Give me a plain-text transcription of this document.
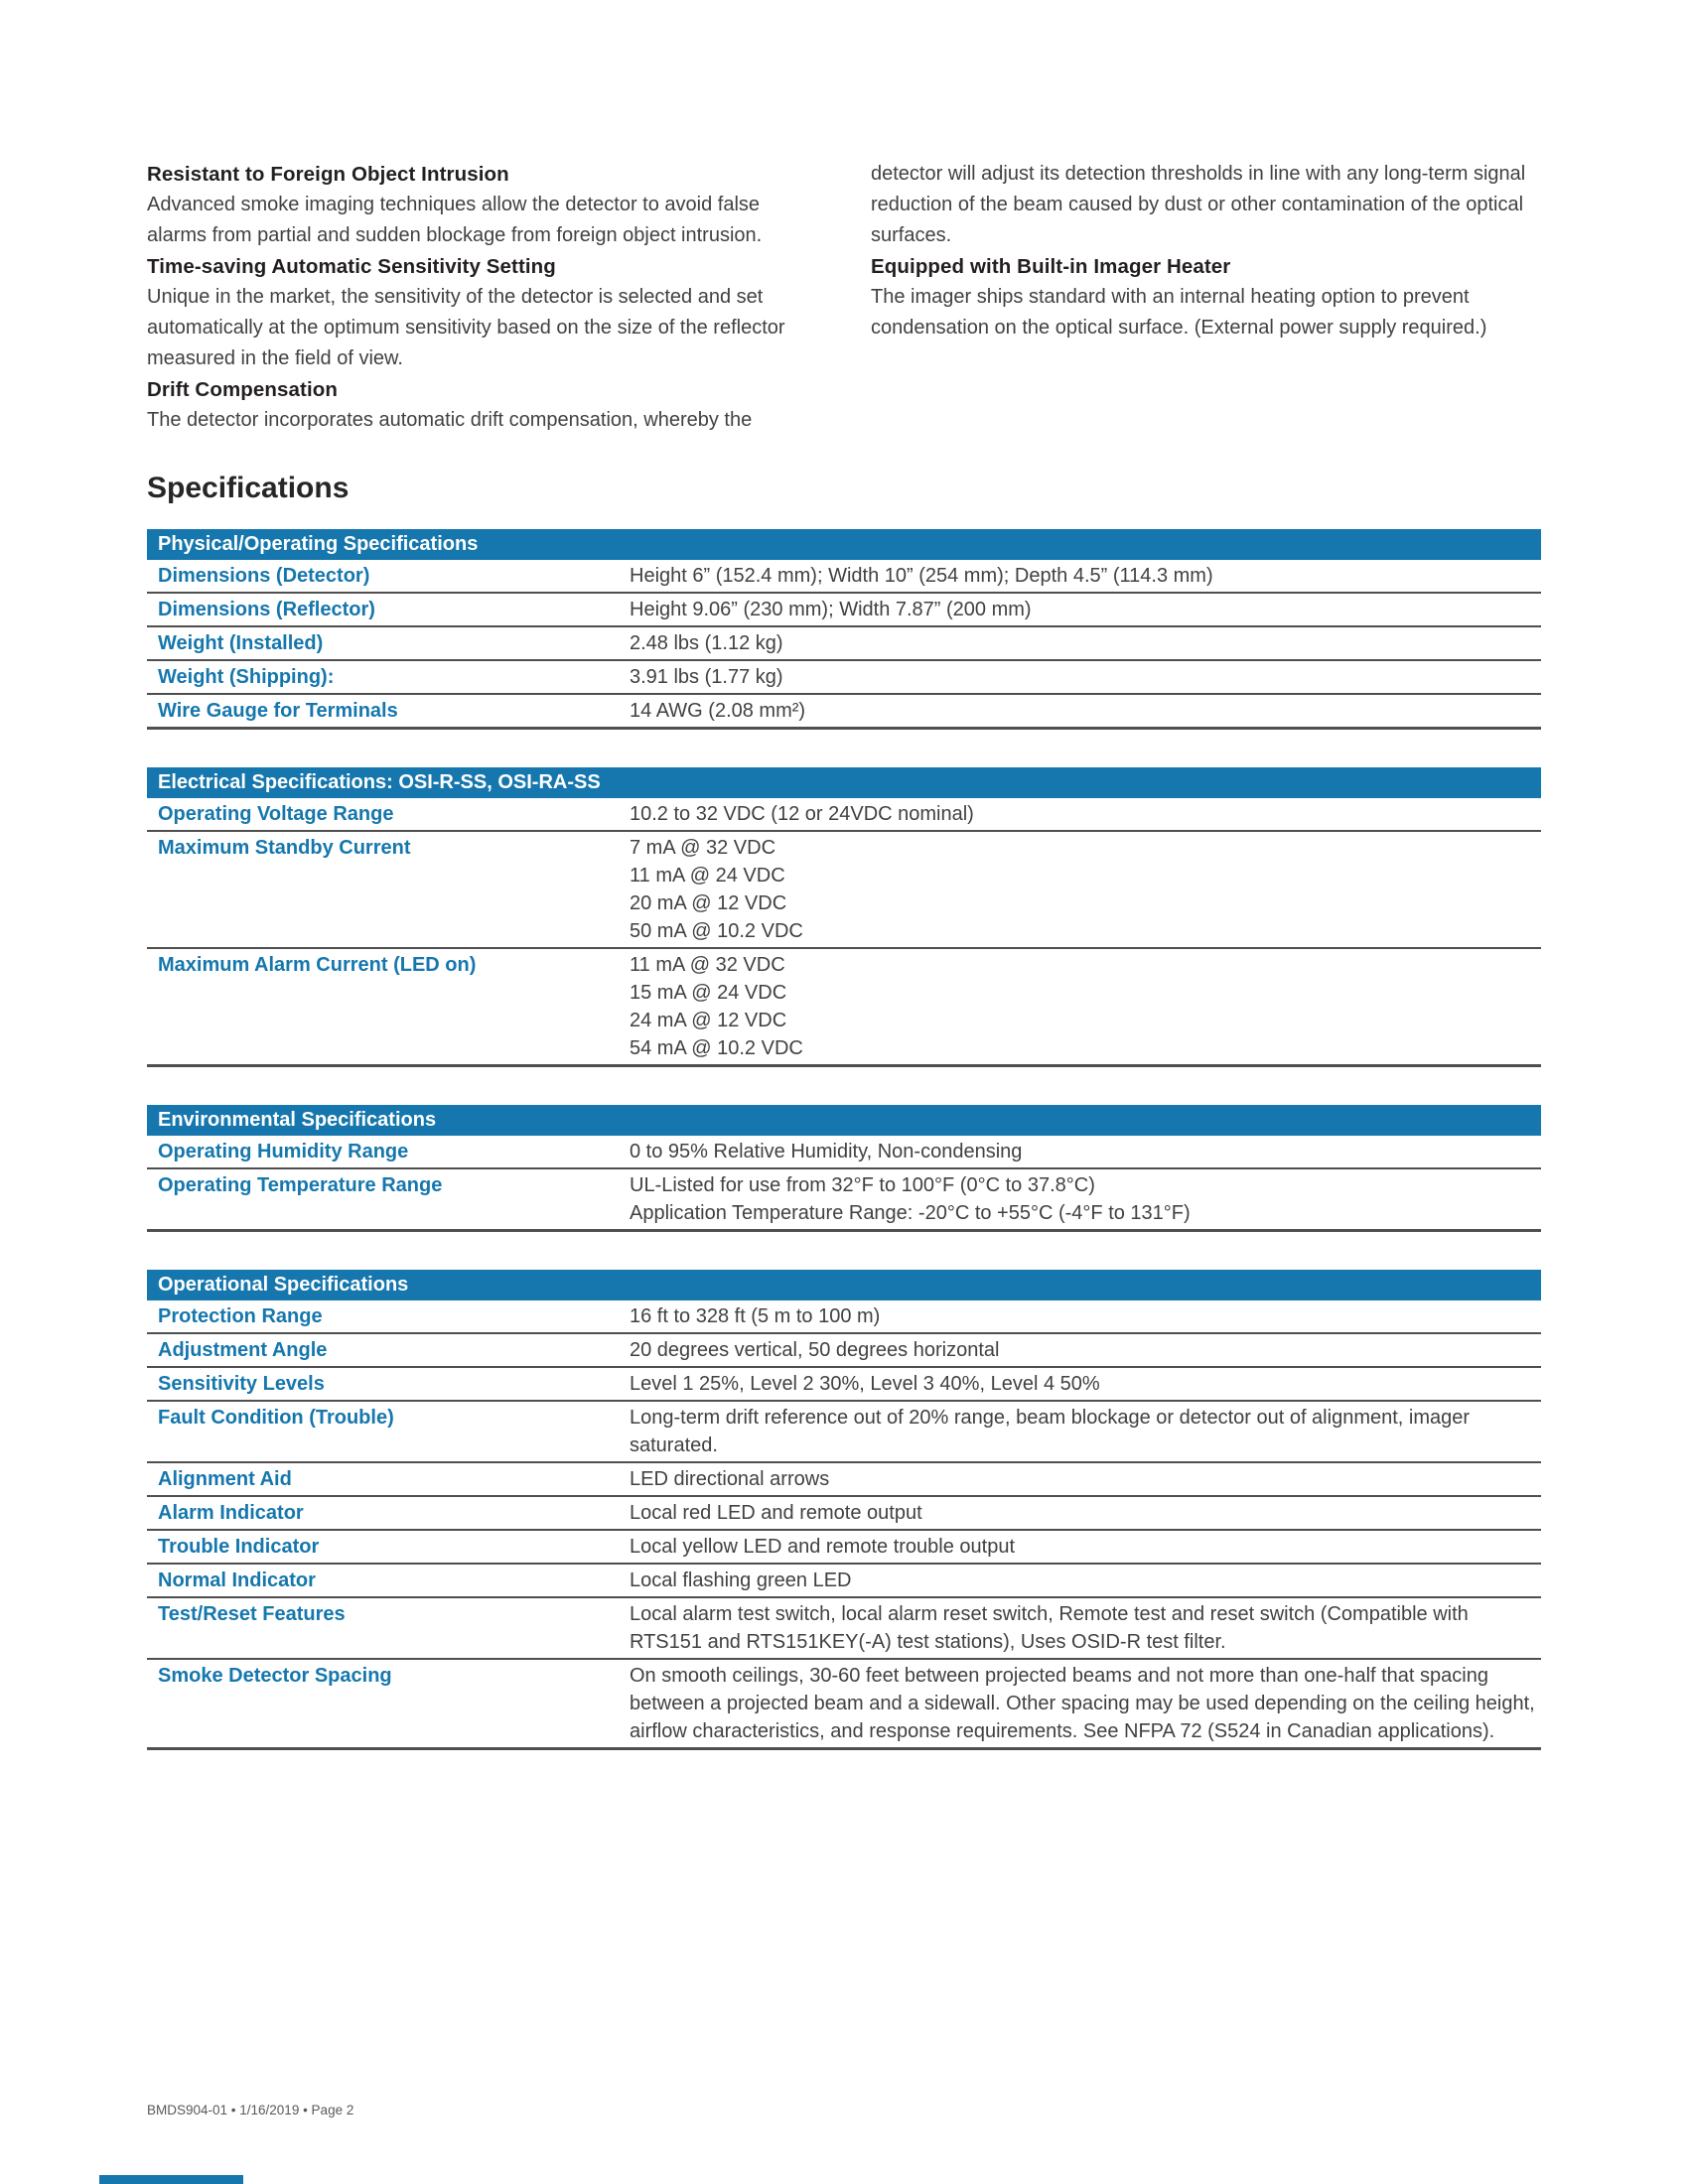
Resistant to Foreign Object Intrusion

Advanced smoke imaging techniques allow the detector to avoid false alarms from partial and sudden blockage from foreign object intrusion.

Time-saving Automatic Sensitivity Setting

Unique in the market, the sensitivity of the detector is selected and set automatically at the optimum sensitivity based on the size of the reflector measured in the field of view.

Drift Compensation

The detector incorporates automatic drift compensation, whereby the

detector will adjust its detection thresholds in line with any long-term signal reduction of the beam caused by dust or other contamination of the optical surfaces.

Equipped with Built-in Imager Heater

The imager ships standard with an internal heating option to prevent condensation on the optical surface. (External power supply required.)

Specifications
Physical/Operating Specifications
Dimensions (Detector)	Height 6” (152.4 mm); Width 10” (254 mm); Depth 4.5” (114.3 mm)
Dimensions (Reflector)	Height 9.06” (230 mm); Width 7.87” (200 mm)
Weight (Installed)	2.48 lbs (1.12 kg)
Weight (Shipping):	3.91 lbs (1.77 kg)
Wire Gauge for Terminals	14 AWG (2.08 mm²)
Electrical Specifications: OSI-R-SS, OSI-RA-SS
Operating Voltage Range	10.2 to 32 VDC (12 or 24VDC nominal)
Maximum Standby Current	7 mA @ 32 VDC
11 mA @ 24 VDC
20 mA @ 12 VDC
50 mA @ 10.2 VDC
Maximum Alarm Current (LED on)	11 mA @ 32 VDC
15 mA @ 24 VDC
24 mA @ 12 VDC
54 mA @ 10.2 VDC
Environmental Specifications
Operating Humidity Range	0 to 95% Relative Humidity, Non-condensing
Operating Temperature Range	UL-Listed for use from 32°F to 100°F (0°C to 37.8°C)
Application Temperature Range: -20°C to +55°C (-4°F to 131°F)
Operational Specifications
Protection Range	16 ft to 328 ft (5 m to 100 m)
Adjustment Angle	20 degrees vertical, 50 degrees horizontal
Sensitivity Levels	Level 1 25%, Level 2 30%, Level 3 40%, Level 4 50%
Fault Condition (Trouble)	Long-term drift reference out of 20% range, beam blockage or detector out of alignment, imager saturated.
Alignment Aid	LED directional arrows
Alarm Indicator	Local red LED and remote output
Trouble Indicator	Local yellow LED and remote trouble output
Normal Indicator	Local flashing green LED
Test/Reset Features	Local alarm test switch, local alarm reset switch, Remote test and reset switch (Compatible with RTS151 and RTS151KEY(-A) test stations), Uses OSID-R test filter.
Smoke Detector Spacing	On smooth ceilings, 30-60 feet between projected beams and not more than one-half that spacing between a projected beam and a sidewall. Other spacing may be used depending on the ceiling height, airflow characteristics, and response requirements. See NFPA 72 (S524 in Canadian applications).
BMDS904-01 • 1/16/2019 • Page 2
